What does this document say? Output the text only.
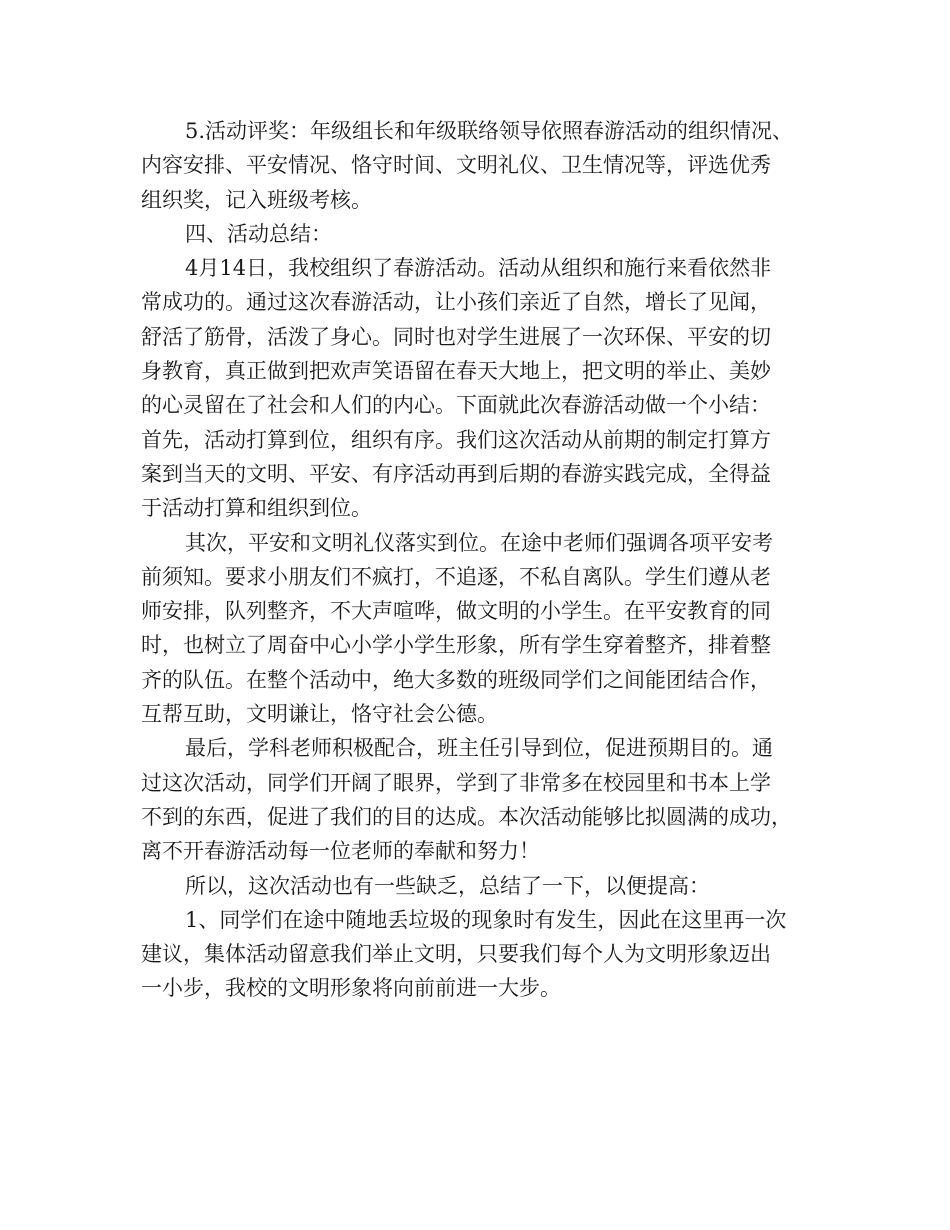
5.活动评奖：年级组长和年级联络领导依照春游活动的组织情况、
内容安排、平安情况、恪守时间、文明礼仪、卫生情况等，评选优秀
组织奖，记入班级考核。
四、活动总结：
4月14日，我校组织了春游活动。活动从组织和施行来看依然非
常成功的。通过这次春游活动，让小孩们亲近了自然，增长了见闻，
舒活了筋骨，活泼了身心。同时也对学生进展了一次环保、平安的切
身教育，真正做到把欢声笑语留在春天大地上，把文明的举止、美妙
的心灵留在了社会和人们的内心。下面就此次春游活动做一个小结：
首先，活动打算到位，组织有序。我们这次活动从前期的制定打算方
案到当天的文明、平安、有序活动再到后期的春游实践完成，全得益
于活动打算和组织到位。
其次，平安和文明礼仪落实到位。在途中老师们强调各项平安考
前须知。要求小朋友们不疯打，不追逐，不私自离队。学生们遵从老
师安排，队列整齐，不大声喧哗，做文明的小学生。在平安教育的同
时，也树立了周奋中心小学小学生形象，所有学生穿着整齐，排着整
齐的队伍。在整个活动中，绝大多数的班级同学们之间能团结合作，
互帮互助，文明谦让，恪守社会公德。
最后，学科老师积极配合，班主任引导到位，促进预期目的。通
过这次活动，同学们开阔了眼界，学到了非常多在校园里和书本上学
不到的东西，促进了我们的目的达成。本次活动能够比拟圆满的成功，
离不开春游活动每一位老师的奉献和努力！
所以，这次活动也有一些缺乏，总结了一下，以便提高：
1、同学们在途中随地丢垃圾的现象时有发生，因此在这里再一次
建议，集体活动留意我们举止文明，只要我们每个人为文明形象迈出
一小步，我校的文明形象将向前前进一大步。
